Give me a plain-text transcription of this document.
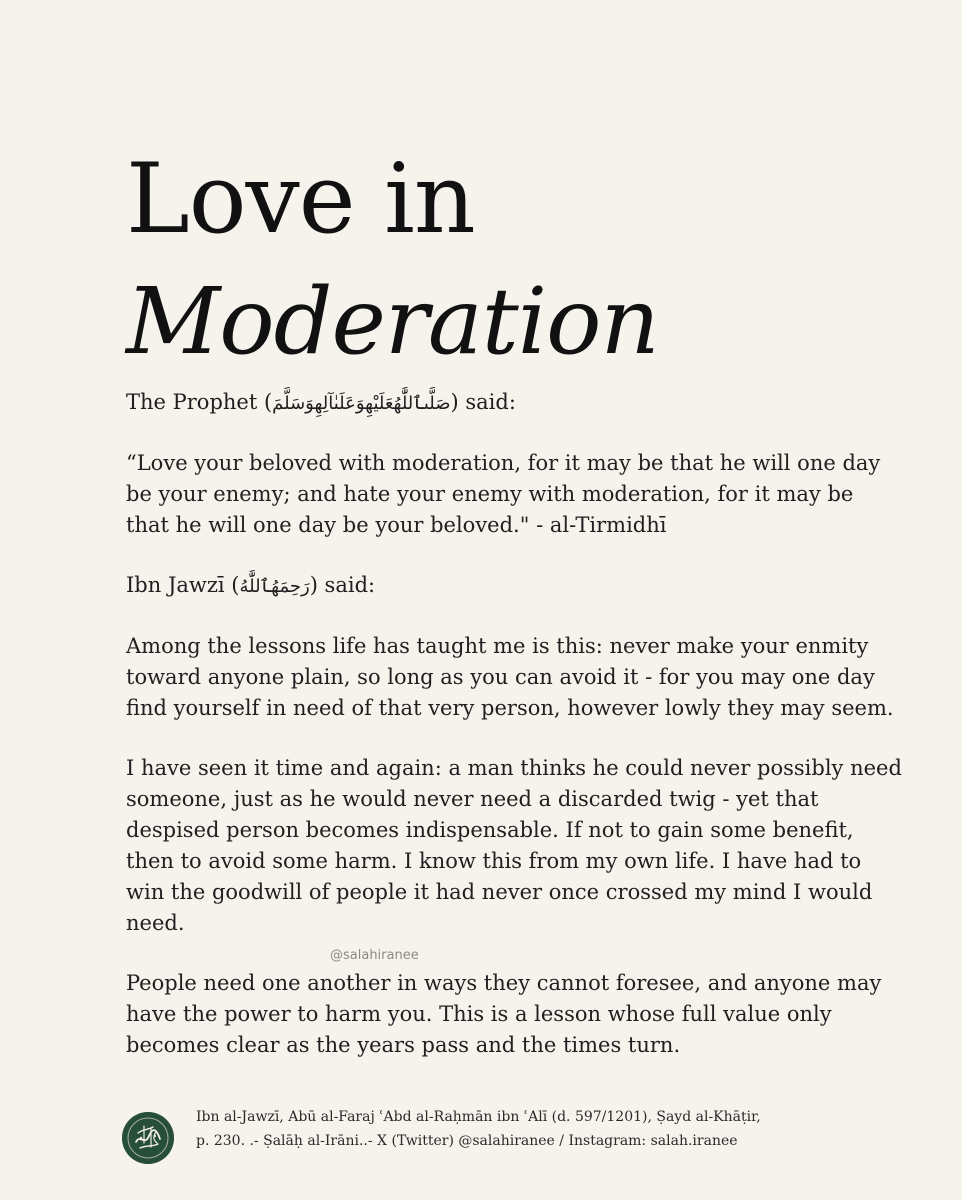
Love in
Moderation

The Prophet (صَلَّىٱللَّٰهُعَلَيْهِوَعَلَىٰآلِهِوَسَلَّمَ) said:

“Love your beloved with moderation, for it may be that he will one day
be your enemy; and hate your enemy with moderation, for it may be
that he will one day be your beloved." - al-Tirmidhī

Ibn Jawzī (رَحِمَهُٱللَّٰهُ) said:

Among the lessons life has taught me is this: never make your enmity
toward anyone plain, so long as you can avoid it - for you may one day
find yourself in need of that very person, however lowly they may seem.

I have seen it time and again: a man thinks he could never possibly need
someone, just as he would never need a discarded twig - yet that
despised person becomes indispensable. If not to gain some benefit,
then to avoid some harm. I know this from my own life. I have had to
win the goodwill of people it had never once crossed my mind I would
need.

People need one another in ways they cannot foresee, and anyone may
have the power to harm you. This is a lesson whose full value only
becomes clear as the years pass and the times turn.

@salahiranee
Ibn al-Jawzī, Abū al-Faraj ʿAbd al-Raḥmān ibn ʿAlī (d. 597/1201), Ṣayd al-Khāṭir,
p. 230. .- Ṣalāḥ al-Irāni..- X (Twitter) @salahiranee / Instagram: salah.iranee
